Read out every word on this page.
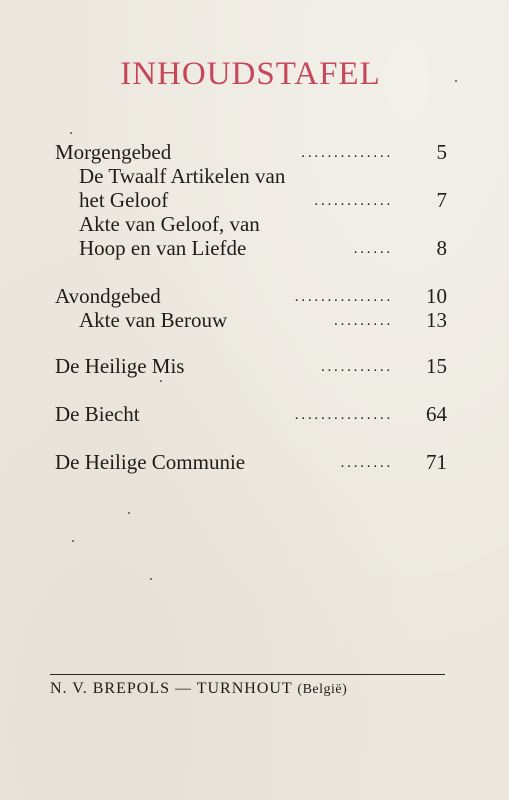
INHOUDSTAFEL
Morgengebed	.............. 5
De Twaalf Artikelen van
het Geloof	............ 7
Akte van Geloof, van
Hoop en van Liefde	...... 8
Avondgebed	............... 10
Akte van Berouw	......... 13
De Heilige Mis	........... 15
De Biecht	............... 64
De Heilige Communie	........ 71
N. V. BREPOLS — TURNHOUT (België)
